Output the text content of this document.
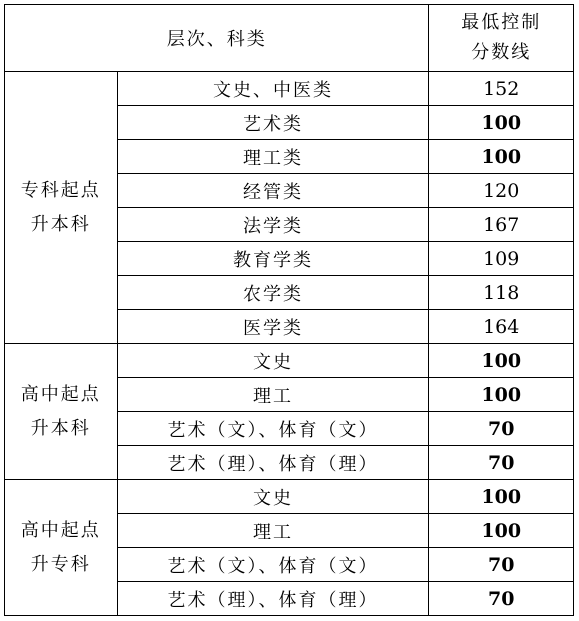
层次、科类		最低控制
分数线

专科起点
升本科	文史、中医类	152
	艺术类	100
	理工类	100
	经管类	120
	法学类	167
	教育学类	109
	农学类	118
	医学类	164

高中起点
升本科	文史	100
	理工	100
	艺术（文）、体育（文）	70
	艺术（理）、体育（理）	70

高中起点
升专科	文史	100
	理工	100
	艺术（文）、体育（文）	70
	艺术（理）、体育（理）	70
